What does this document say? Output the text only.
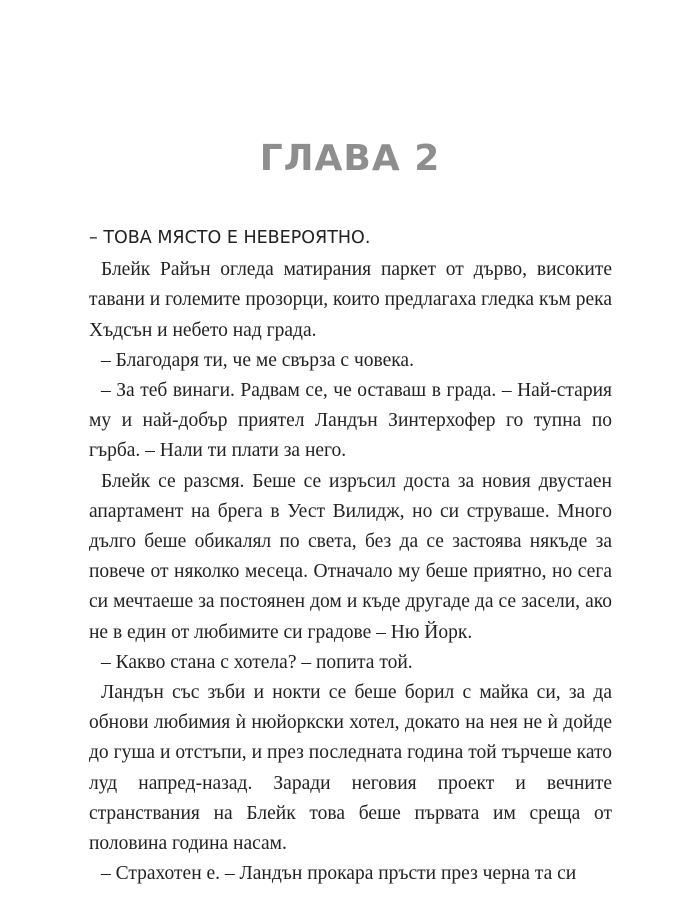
ГЛАВА 2

– ТОВА МЯСТО Е НЕВЕРОЯТНО.

Блейк Райън огледа матирания паркет от дърво, високите тавани и големите прозорци, които предлагаха гледка към река Хъдсън и небето над града.

– Благодаря ти, че ме свърза с човека.

– За теб винаги. Радвам се, че оставаш в града. – Най-стария му и най-добър приятел Ландън Зинтерхофер го тупна по гърба. – Нали ти плати за него.

Блейк се разсмя. Беше се изръсил доста за новия двустаен апартамент на брега в Уест Вилидж, но си струваше. Много дълго беше обикалял по света, без да се застоява някъде за повече от няколко месеца. Отначало му беше приятно, но сега си мечтаеше за постоянен дом и къде другаде да се засели, ако не в един от любимите си градове – Ню Йорк.

– Какво стана с хотела? – попита той.

Ландън със зъби и нокти се беше борил с майка си, за да обнови любимия ѝ нюйоркски хотел, докато на нея не ѝ дойде до гуша и отстъпи, и през последната година той търчеше като луд напред-назад. Заради неговия проект и вечните странствания на Блейк това беше първата им среща от половина година насам.

– Страхотен е. – Ландън прокара пръсти през черна та си
